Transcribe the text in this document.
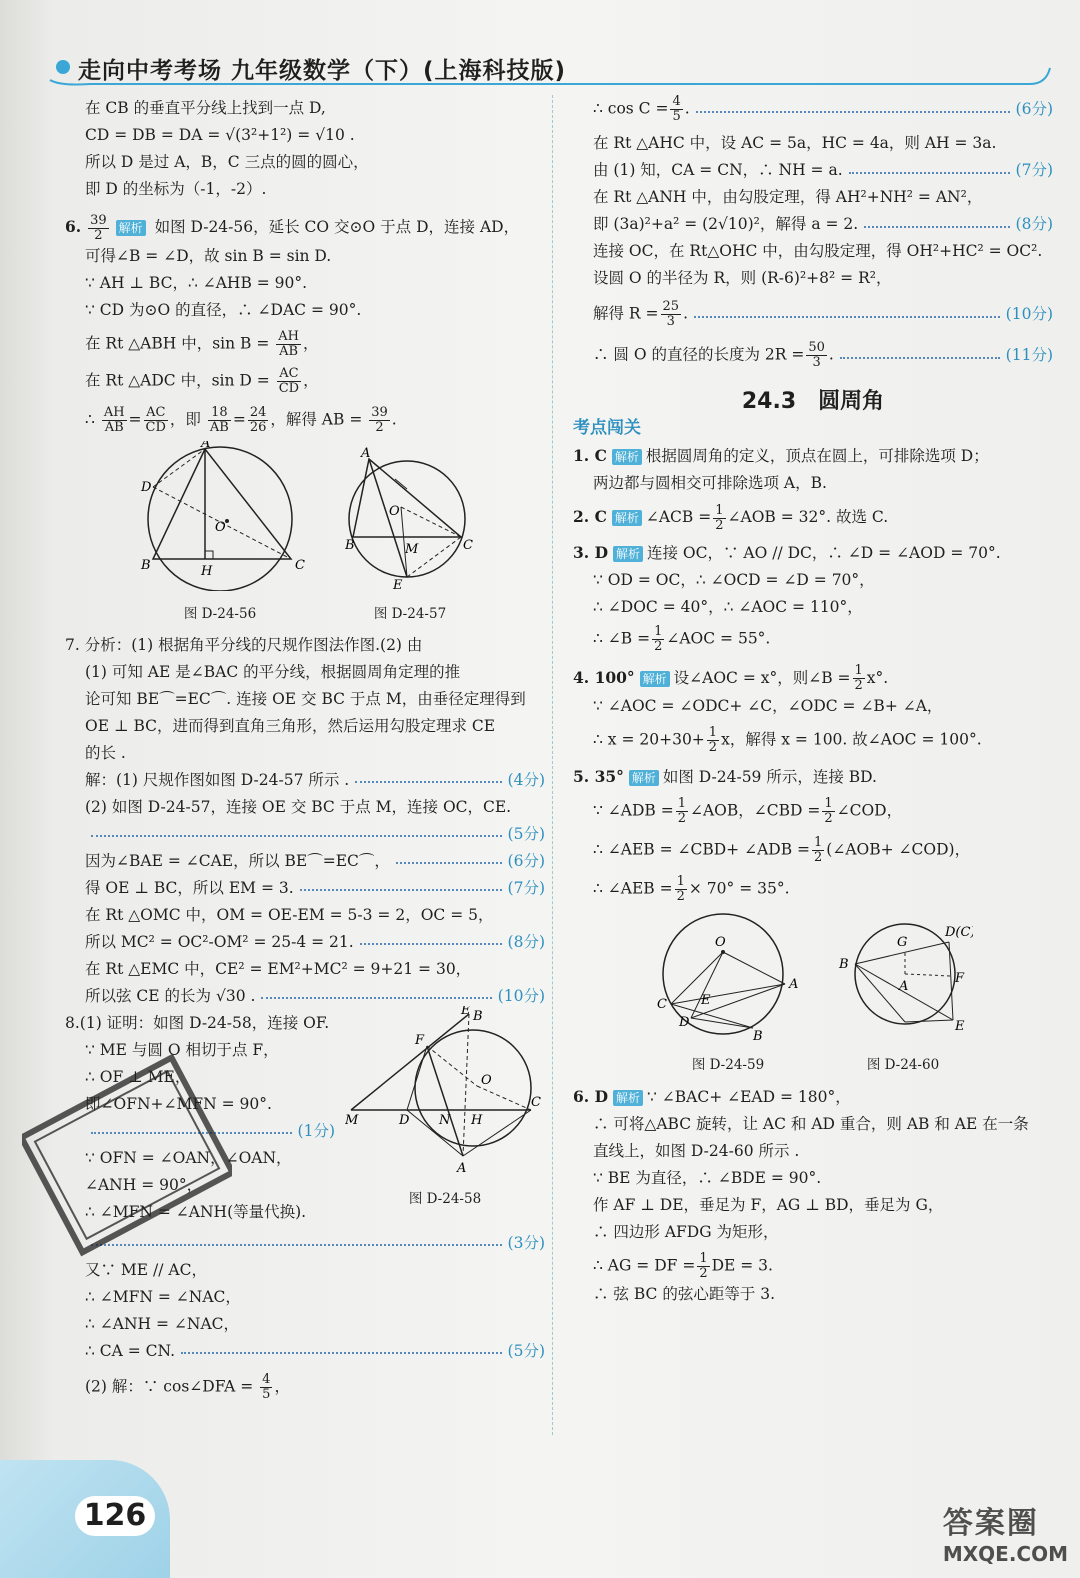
走向中考考场 九年级数学（下）(上海科技版)
在 CB 的垂直平分线上找到一点 D,
CD = DB = DA = √(3²+1²) = √10 .
所以 D 是过 A，B，C 三点的圆的圆心，
即 D 的坐标为（-1，-2）.
6. $\frac{39}{2}$ 解析 如图 D-24-56，延长 CO 交⊙O 于点 D，连接 AD，
可得∠B = ∠D，故 sin B = sin D.
∵ AH ⊥ BC，∴ ∠AHB = 90°.
∵ CD 为⊙O 的直径，∴ ∠DAC = 90°.
在 Rt △ABH 中，$\sin B = \frac{AH}{AB}$ ，
在 Rt △ADC 中，$\sin D = \frac{AC}{CD}$ ，
∴ $\frac{AH}{AB} = \frac{AC}{CD}$ ，即 $\frac{18}{AB} = \frac{24}{26}$ ，解得 AB = $\frac{39}{2}$ .
A
D
O
B	H	C
图 D-24-56
A
O
B	M	C
E
图 D-24-57
7. 分析：(1) 根据角平分线的尺规作图法作图.(2) 由
(1) 可知 AE 是∠BAC 的平分线，根据圆周角定理的推
论可知 BE⌒=EC⌒. 连接 OE 交 BC 于点 M，由垂径定理得到
OE ⊥ BC，进而得到直角三角形，然后运用勾股定理求 CE
的长 .
解：(1) 尺规作图如图 D-24-57 所示 .	(4分)
(2) 如图 D-24-57，连接 OE 交 BC 于点 M，连接 OC，CE.
(5分)
因为∠BAE = ∠CAE，所以 BE⌒=EC⌒，	(6分)
得 OE ⊥ BC，所以 EM = 3.	(7分)
在 Rt △OMC 中，OM = OE-EM = 5-3 = 2，OC = 5，
所以 MC² = OC²-OM² = 25-4 = 21.	(8分)
在 Rt △EMC 中，CE² = EM²+MC² = 9+21 = 30，
所以弦 CE 的长为 √30 .	(10分)
8.(1) 证明：如图 D-24-58，连接 OF.
∵ ME 与圆 O 相切于点 F，
∴ OF ⊥ ME，
即∠OFN+∠MFN = 90°.
(1分)
∵ OFN = ∠OAN，∠OAN，
∠ANH = 90°，
∴ ∠MFN = ∠ANH(等量代换).
E B
F
O
M	D N H
C
A
图 D-24-58
(3分)
又∵ ME // AC，
∴ ∠MFN = ∠NAC，
∴ ∠ANH = ∠NAC，
∴ CA = CN.	(5分)
(2) 解：∵ cos∠DFA = $\frac{4}{5}$ ，
∴ $\cos C = \frac{4}{5}$ .	(6分)
在 Rt △AHC 中，设 AC = 5a，HC = 4a，则 AH = 3a.
由 (1) 知，CA = CN，∴ NH = a.	(7分)
在 Rt △ANH 中，由勾股定理，得 AH²+NH² = AN²，
即 (3a)²+a² = (2√10)²，解得 a = 2.	(8分)
连接 OC，在 Rt△OHC 中，由勾股定理，得 OH²+HC² = OC².
设圆 O 的半径为 R，则 (R-6)²+8² = R²，
解得 $R = \frac{25}{3}$ .	(10分)
∴ 圆 O 的直径的长度为 $2R = \frac{50}{3}$ .	(11分)
24.3　圆周角
考点闯关
1. C 解析 根据圆周角的定义，顶点在圆上，可排除选项 D；
两边都与圆相交可排除选项 A，B.
2. C 解析 ∠ACB = $\frac{1}{2}$ ∠AOB = 32°. 故选 C.
3. D 解析 连接 OC，∵ AO // DC，∴ ∠D = ∠AOD = 70°.
∵ OD = OC，∴ ∠OCD = ∠D = 70°，
∴ ∠DOC = 40°，∴ ∠AOC = 110°，
∴ ∠B = $\frac{1}{2}$ ∠AOC = 55°.
4. 100° 解析 设∠AOC = x°，则∠B = $\frac{1}{2} x^\circ$.
∵ ∠AOC = ∠ODC+ ∠C，∠ODC = ∠B+ ∠A，
∴ $x = 20+30+ \frac{1}{2}$ x，解得 x = 100. 故∠AOC = 100°.
5. 35° 解析 如图 D-24-59 所示，连接 BD.
∵ ∠ADB = $\frac{1}{2}$ ∠AOB，∠CBD = $\frac{1}{2}$ ∠COD，
∴ ∠AEB = ∠CBD+ ∠ADB = $\frac{1}{2}$ (∠AOB+ ∠COD)，
∴ ∠AEB = $\frac{1}{2} \times 70^\circ = 35^\circ$.
O
A
C	E
D
B
图 D-24-59
B
G
D(C)
F
A
E
图 D-24-60
6. D 解析 ∵ ∠BAC+ ∠EAD = 180°，
∴ 可将△ABC 旋转，让 AC 和 AD 重合，则 AB 和 AE 在一条
直线上，如图 D-24-60 所示 .
∵ BE 为直径，∴ ∠BDE = 90°.
作 AF ⊥ DE，垂足为 F，AG ⊥ BD，垂足为 G，
∴ 四边形 AFDG 为矩形，
∴ AG = DF = $\frac{1}{2}$ DE = 3.
∴ 弦 BC 的弦心距等于 3.
126	答案圈
MXQE.COM
